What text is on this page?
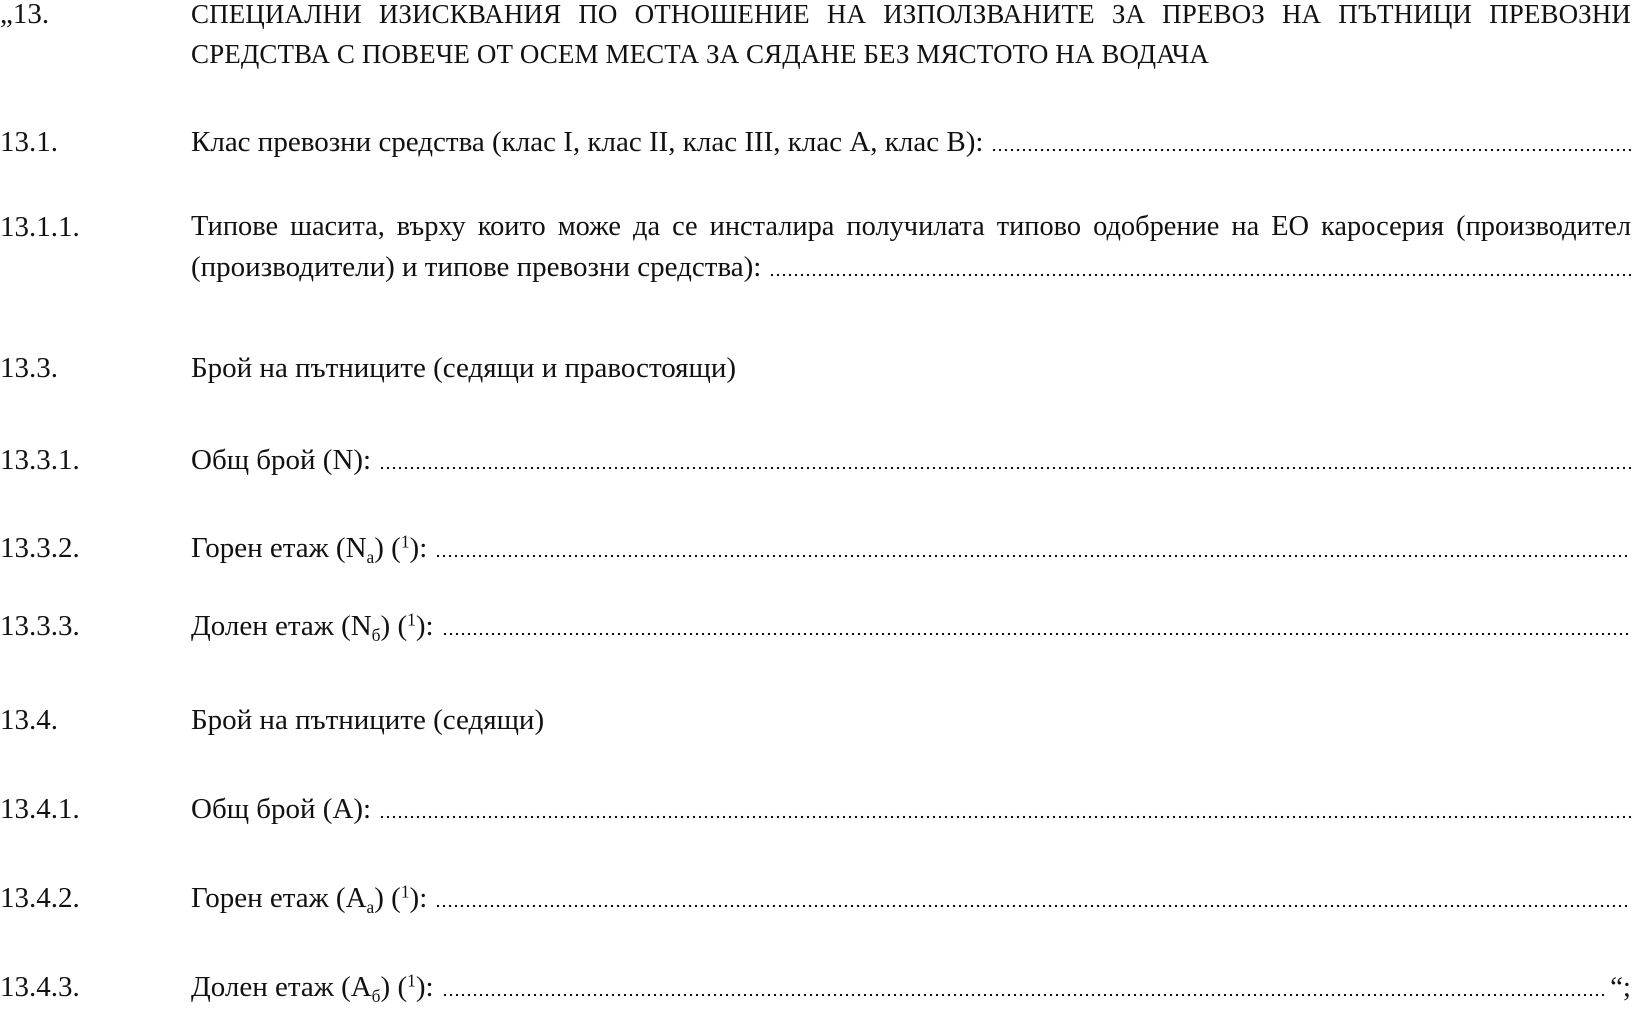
„13.	СПЕЦИАЛНИ ИЗИСКВАНИЯ ПО ОТНОШЕНИЕ НА ИЗПОЛЗВАНИТЕ ЗА ПРЕВОЗ НА ПЪТНИЦИ ПРЕВОЗНИ СРЕДСТВА С ПОВЕЧЕ ОТ ОСЕМ МЕСТА ЗА СЯДАНЕ БЕЗ МЯСТОТО НА ВОДАЧА
13.1.	Клас превозни средства (клас I, клас II, клас III, клас А, клас В):
13.1.1.	Типове шасита, върху които може да се инсталира получилата типово одобрение на ЕО каросерия (производител
(производители) и типове превозни средства):
13.3.	Брой на пътниците (седящи и правостоящи)
13.3.1.	Общ брой (N):
13.3.2.	Горен етаж $(N_а)$ ($^1$):
13.3.3.	Долен етаж $(N_б)$ ($^1$):
13.4.	Брой на пътниците (седящи)
13.4.1.	Общ брой (A):
13.4.2.	Горен етаж $(A_а)$ ($^1$):
13.4.3.	Долен етаж $(A_б)$ ($^1$):	“;
